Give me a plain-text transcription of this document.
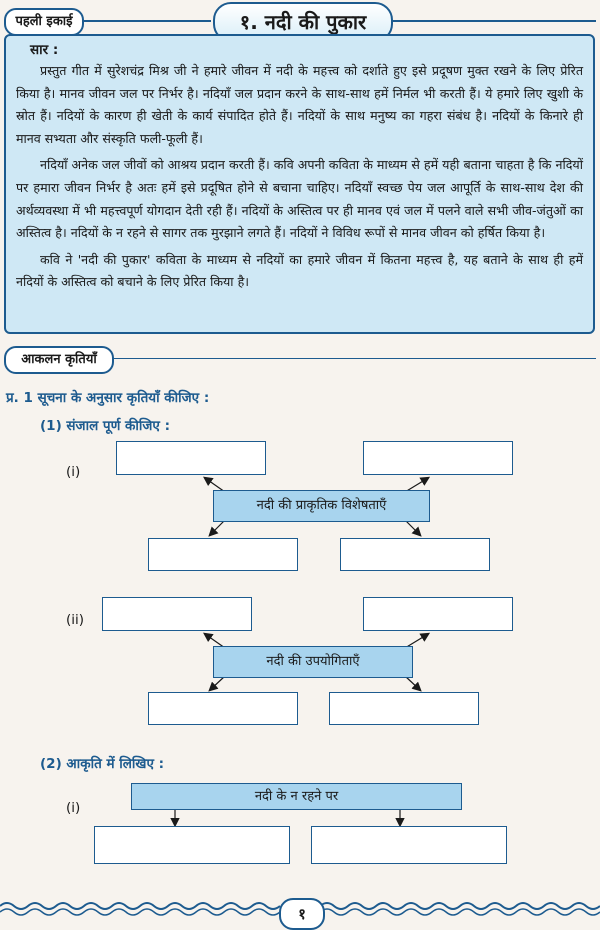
पहली इकाई	१. नदी की पुकार
सार :

प्रस्तुत गीत में सुरेशचंद्र मिश्र जी ने हमारे जीवन में नदी के महत्त्व को दर्शाते हुए इसे प्रदूषण मुक्त रखने के लिए प्रेरित किया है। मानव जीवन जल पर निर्भर है। नदियाँ जल प्रदान करने के साथ-साथ हमें निर्मल भी करती हैं। ये हमारे लिए खुशी के स्रोत हैं। नदियों के कारण ही खेती के कार्य संपादित होते हैं। नदियों के साथ मनुष्य का गहरा संबंध है। नदियों के किनारे ही मानव सभ्यता और संस्कृति फली-फूली हैं।

नदियाँ अनेक जल जीवों को आश्रय प्रदान करती हैं। कवि अपनी कविता के माध्यम से हमें यही बताना चाहता है कि नदियों पर हमारा जीवन निर्भर है अतः हमें इसे प्रदूषित होने से बचाना चाहिए। नदियाँ स्वच्छ पेय जल आपूर्ति के साथ-साथ देश की अर्थव्यवस्था में भी महत्त्वपूर्ण योगदान देती रही हैं। नदियों के अस्तित्व पर ही मानव एवं जल में पलने वाले सभी जीव-जंतुओं का अस्तित्व है। नदियों के न रहने से सागर तक मुरझाने लगते हैं। नदियों ने विविध रूपों से मानव जीवन को हर्षित किया है।

कवि ने 'नदी की पुकार' कविता के माध्यम से नदियों का हमारे जीवन में कितना महत्त्व है, यह बताने के साथ ही हमें नदियों के अस्तित्व को बचाने के लिए प्रेरित किया है।

आकलन कृतियाँ
प्र. 1 सूचना के अनुसार कृतियाँ कीजिए :
(1) संजाल पूर्ण कीजिए :
(i)
नदी की प्राकृतिक विशेषताएँ
(ii)
नदी की उपयोगिताएँ
(2) आकृति में लिखिए :
(i)
नदी के न रहने पर
१
